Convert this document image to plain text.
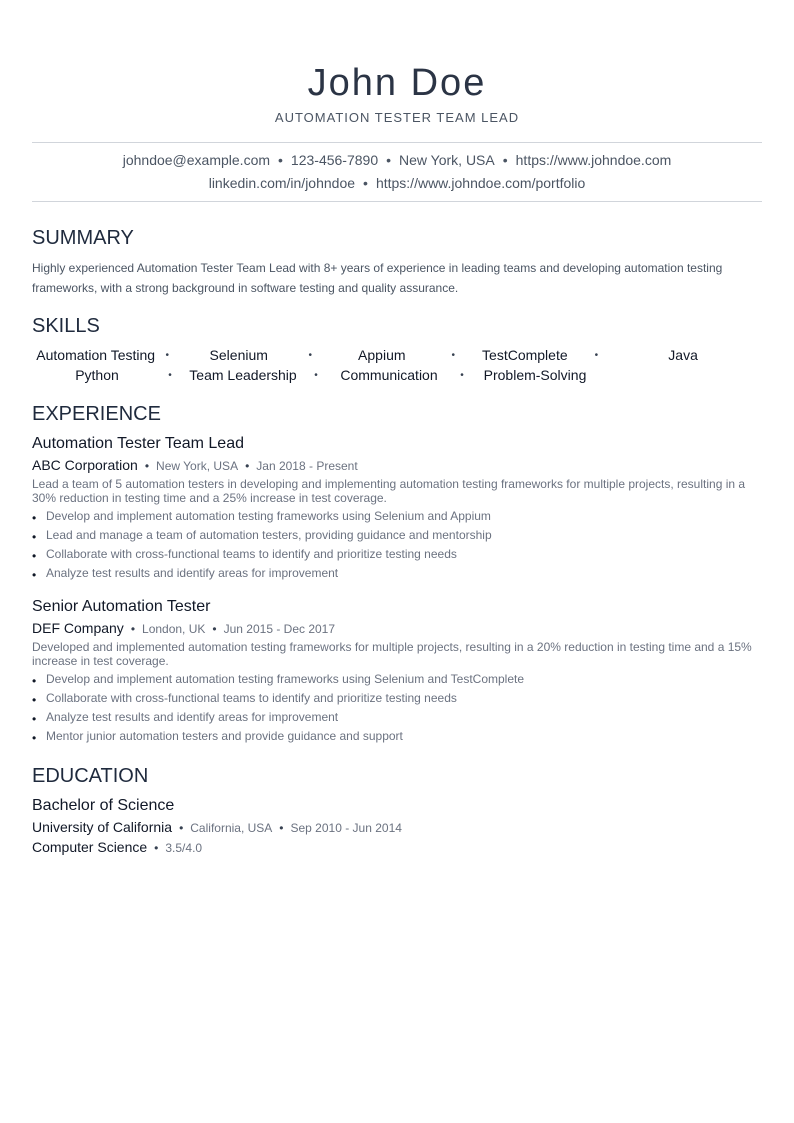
John Doe
AUTOMATION TESTER TEAM LEAD
johndoe@example.com • 123-456-7890 • New York, USA • https://www.johndoe.com
linkedin.com/in/johndoe • https://www.johndoe.com/portfolio
SUMMARY
Highly experienced Automation Tester Team Lead with 8+ years of experience in leading teams and developing automation testing frameworks, with a strong background in software testing and quality assurance.
SKILLS
Automation Testing	•	Selenium	•	Appium	•	TestComplete	•	Java
Python	•	Team Leadership	•	Communication	•	Problem-Solving
EXPERIENCE
Automation Tester Team Lead
ABC Corporation • New York, USA • Jan 2018 - Present
Lead a team of 5 automation testers in developing and implementing automation testing frameworks for multiple projects, resulting in a 30% reduction in testing time and a 25% increase in test coverage.
• Develop and implement automation testing frameworks using Selenium and Appium
• Lead and manage a team of automation testers, providing guidance and mentorship
• Collaborate with cross-functional teams to identify and prioritize testing needs
• Analyze test results and identify areas for improvement
Senior Automation Tester
DEF Company • London, UK • Jun 2015 - Dec 2017
Developed and implemented automation testing frameworks for multiple projects, resulting in a 20% reduction in testing time and a 15% increase in test coverage.
• Develop and implement automation testing frameworks using Selenium and TestComplete
• Collaborate with cross-functional teams to identify and prioritize testing needs
• Analyze test results and identify areas for improvement
• Mentor junior automation testers and provide guidance and support
EDUCATION
Bachelor of Science
University of California • California, USA • Sep 2010 - Jun 2014
Computer Science • 3.5/4.0
